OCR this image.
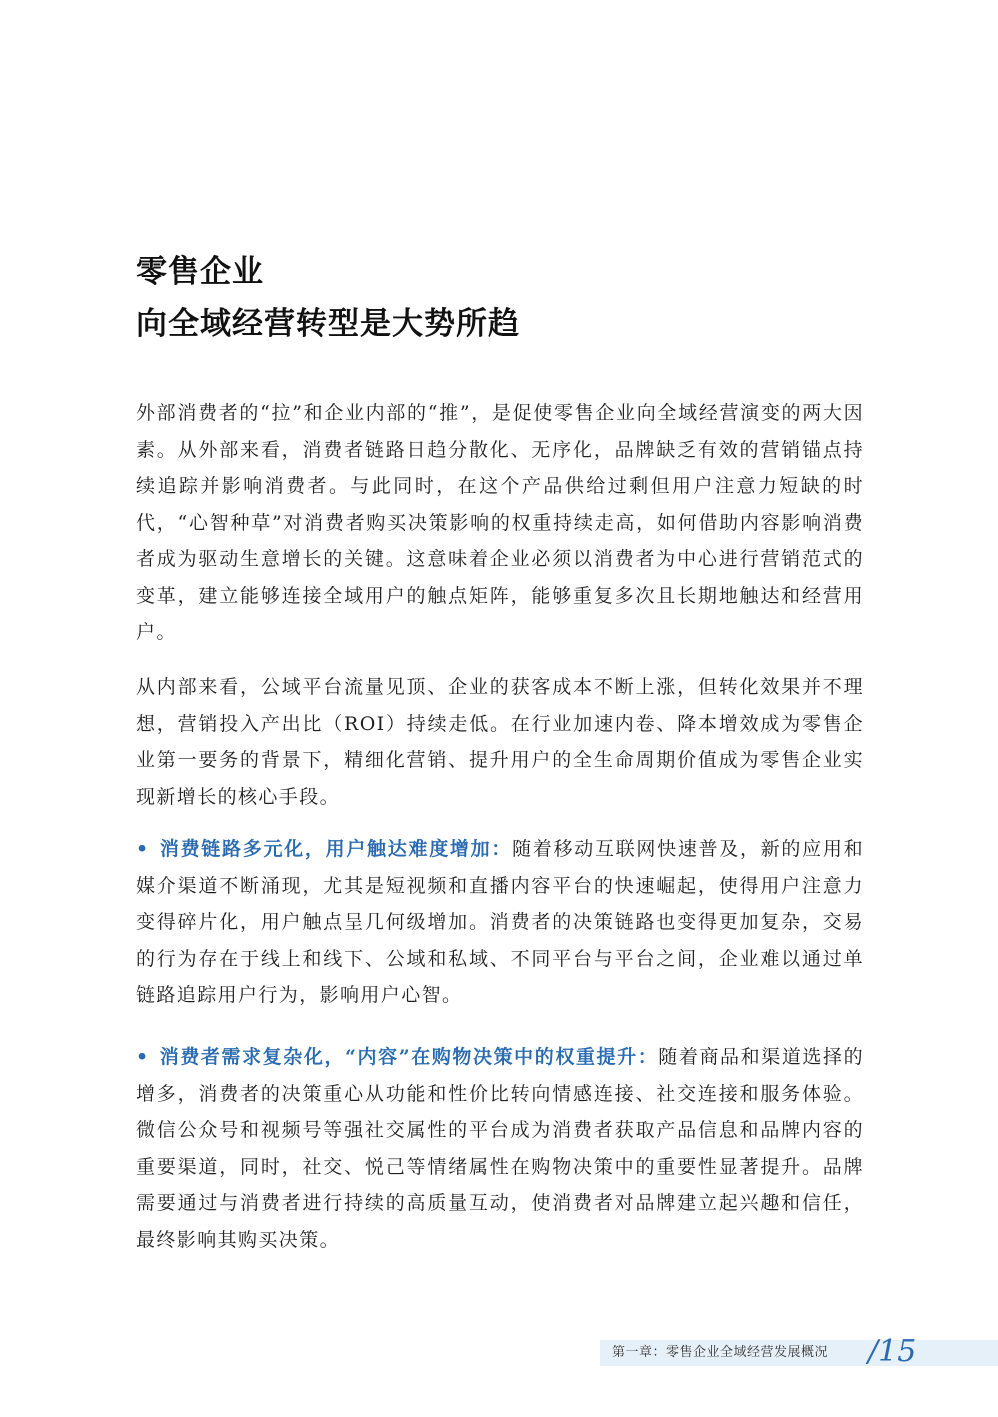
零售企业
向全域经营转型是大势所趋

外部消费者的“拉”和企业内部的“推”，是促使零售企业向全域经营演变的两大因素。从外部来看，消费者链路日趋分散化、无序化，品牌缺乏有效的营销锚点持续追踪并影响消费者。与此同时，在这个产品供给过剩但用户注意力短缺的时代，“心智种草”对消费者购买决策影响的权重持续走高，如何借助内容影响消费者成为驱动生意增长的关键。这意味着企业必须以消费者为中心进行营销范式的变革，建立能够连接全域用户的触点矩阵，能够重复多次且长期地触达和经营用户。

从内部来看，公域平台流量见顶、企业的获客成本不断上涨，但转化效果并不理想，营销投入产出比（ROI）持续走低。在行业加速内卷、降本增效成为零售企业第一要务的背景下，精细化营销、提升用户的全生命周期价值成为零售企业实现新增长的核心手段。

• 消费链路多元化，用户触达难度增加：随着移动互联网快速普及，新的应用和媒介渠道不断涌现，尤其是短视频和直播内容平台的快速崛起，使得用户注意力变得碎片化，用户触点呈几何级增加。消费者的决策链路也变得更加复杂，交易的行为存在于线上和线下、公域和私域、不同平台与平台之间，企业难以通过单链路追踪用户行为，影响用户心智。

• 消费者需求复杂化，“内容”在购物决策中的权重提升：随着商品和渠道选择的增多，消费者的决策重心从功能和性价比转向情感连接、社交连接和服务体验。微信公众号和视频号等强社交属性的平台成为消费者获取产品信息和品牌内容的重要渠道，同时，社交、悦己等情绪属性在购物决策中的重要性显著提升。品牌需要通过与消费者进行持续的高质量互动，使消费者对品牌建立起兴趣和信任，最终影响其购买决策。

第一章：零售企业全域经营发展概况 /15
